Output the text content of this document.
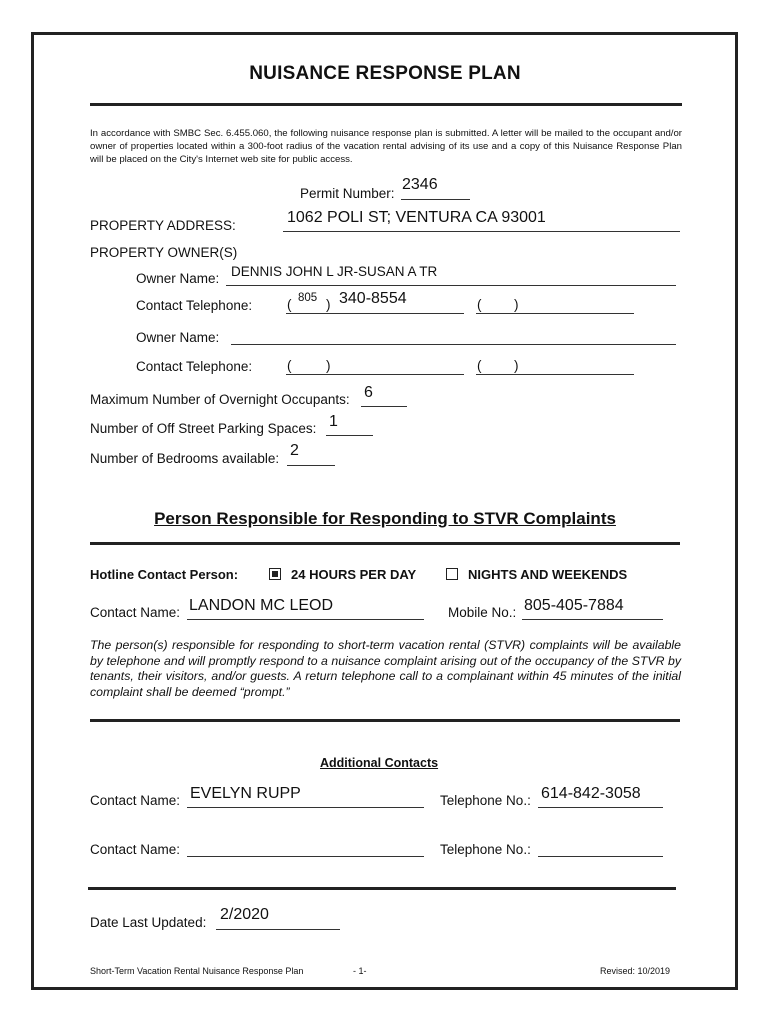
NUISANCE RESPONSE PLAN
In accordance with SMBC Sec. 6.455.060, the following nuisance response plan is submitted. A letter will be mailed to the occupant and/or owner of properties located within a 300-foot radius of the vacation rental advising of its use and a copy of this Nuisance Response Plan will be placed on the City's Internet web site for public access.
Permit Number:
2346
PROPERTY ADDRESS:	1062 POLI ST; VENTURA CA 93001
PROPERTY OWNER(S)
Owner Name: DENNIS JOHN L JR-SUSAN A TR
Contact Telephone:	( 805 ) 340-8554	( )
Owner Name:
Contact Telephone:	(	)	( )
Maximum Number of Overnight Occupants: 6
Number of Off Street Parking Spaces: 1
Number of Bedrooms available: 2
Person Responsible for Responding to STVR Complaints
Hotline Contact Person:	24 HOURS PER DAY	NIGHTS AND WEEKENDS
Contact Name: LANDON MC LEOD	Mobile No.: 805-405-7884
The person(s) responsible for responding to short-term vacation rental (STVR) complaints will be available by telephone and will promptly respond to a nuisance complaint arising out of the occupancy of the STVR by tenants, their visitors, and/or guests. A return telephone call to a complainant within 45 minutes of the initial complaint shall be deemed “prompt.”
Additional Contacts
Contact Name: EVELYN RUPP	Telephone No.: 614-842-3058
Contact Name:	Telephone No.:
Date Last Updated: 2/2020
Short-Term Vacation Rental Nuisance Response Plan	- 1-	Revised: 10/2019
